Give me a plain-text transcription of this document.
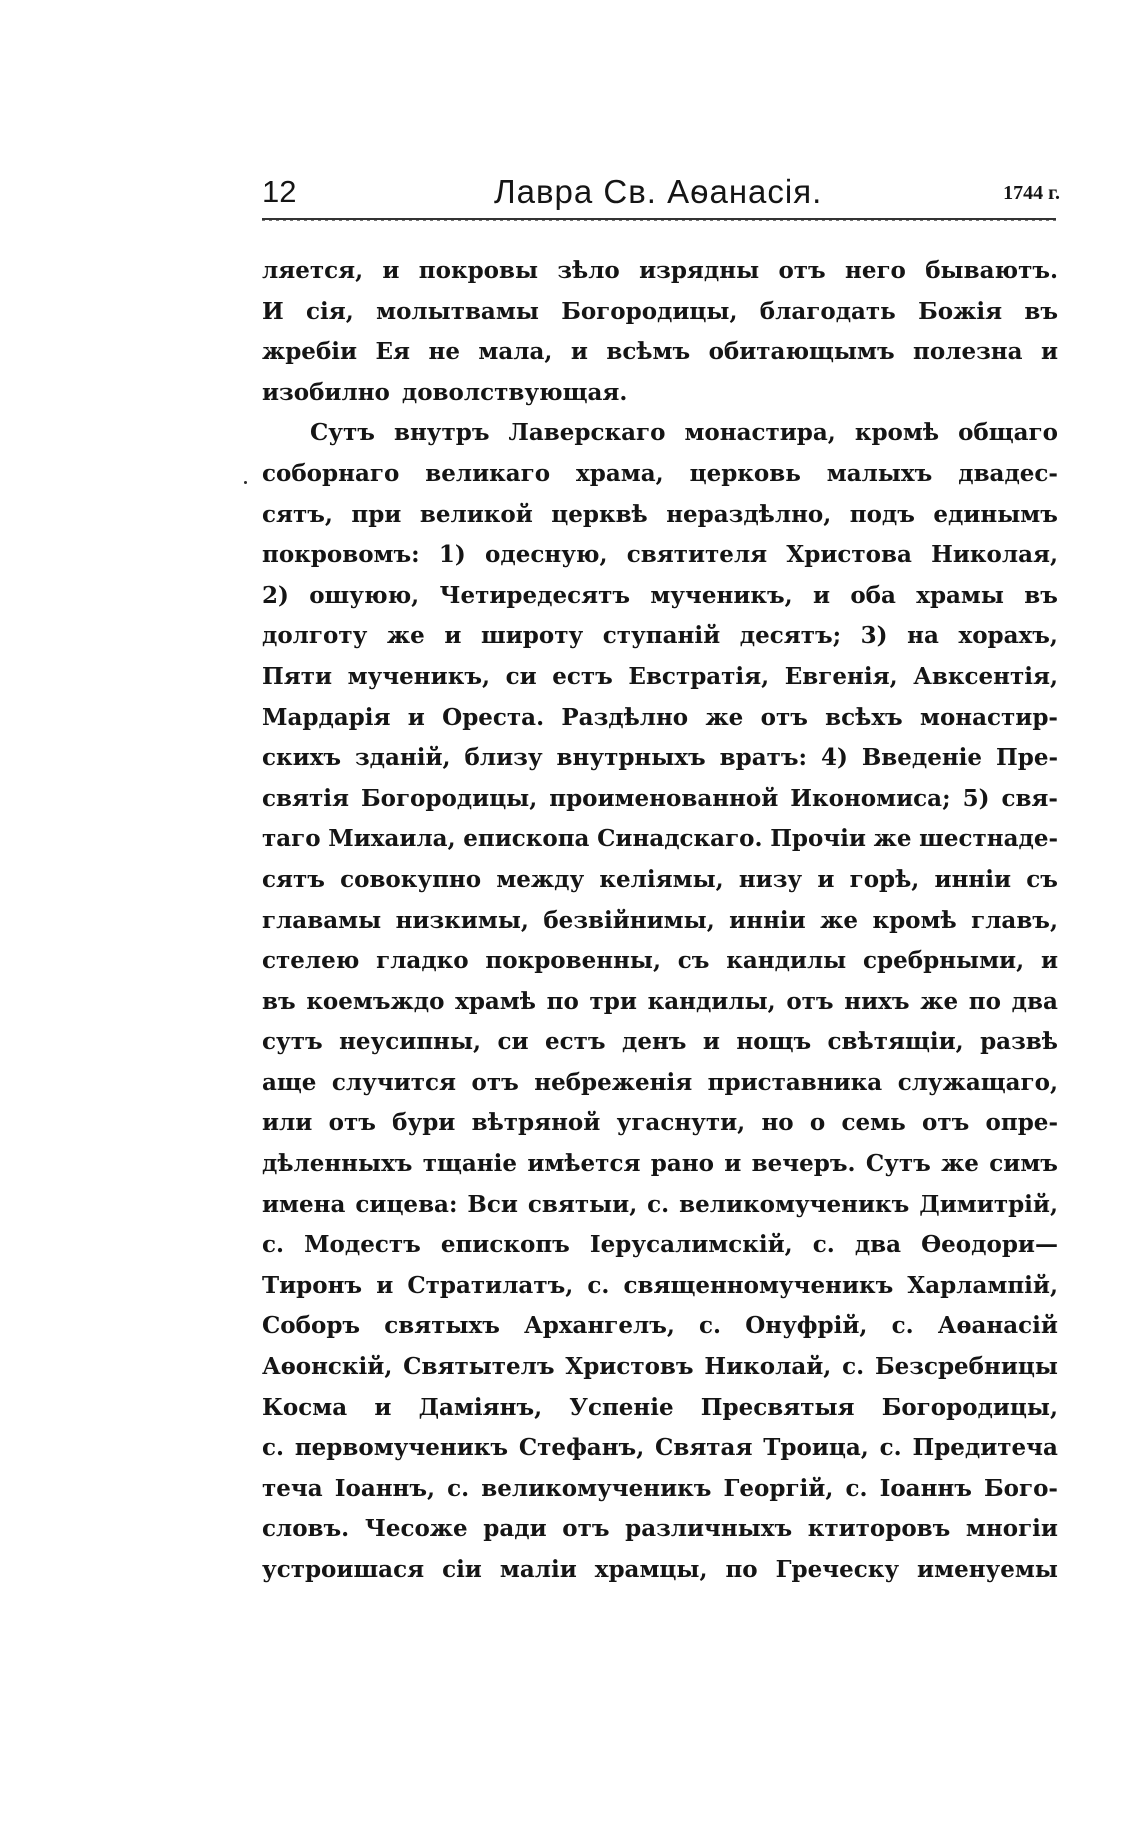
12	Лавра Св. Аѳанасія.	1744 г.
ляется, и покровы зѣло изрядны отъ него бываютъ.
И сія, молытвамы Богородицы, благодать Божія въ
жребіи Ея не мала, и всѣмъ обитающымъ полезна и
изобилно доволствующая.
Сутъ внутръ Лаверскаго монастира, кромѣ общаго
соборнаго великаго храма, церковь малыхъ двадес-
сятъ, при великой церквѣ нераздѣлно, подъ единымъ
покровомъ: 1) одесную, святителя Христова Николая,
2) ошуюю, Четиредесятъ мученикъ, и оба храмы въ
долготу же и широту ступаній десятъ; 3) на хорахъ,
Пяти мученикъ, си естъ Евстратія, Евгенія, Авксентія,
Мардарія и Ореста. Раздѣлно же отъ всѣхъ монастир-
скихъ зданій, близу внутрныхъ вратъ: 4) Введеніе Пре-
святія Богородицы, проименованной Икономиса; 5) свя-
таго Михаила, епископа Синадскаго. Прочіи же шестнаде-
сятъ совокупно между келіямы, низу и горѣ, инніи съ
главамы низкимы, безвійнимы, инніи же кромѣ главъ,
стелею гладко покровенны, съ кандилы сребрными, и
въ коемъждо храмѣ по три кандилы, отъ нихъ же по два
сутъ неусипны, си естъ денъ и нощъ свѣтящіи, развѣ
аще случится отъ небреженія приставника служащаго,
или отъ бури вѣтряной угаснути, но о семь отъ опре-
дѣленныхъ тщаніе имѣется рано и вечеръ. Сутъ же симъ
имена сицева: Вси святыи, с. великомученикъ Димитрій,
с. Модестъ епископъ Іерусалимскій, с. два Ѳеодори—
Тиронъ и Стратилатъ, с. священномученикъ Харлампій,
Соборъ святыхъ Архангелъ, с. Онуфрій, с. Аѳанасій
Аѳонскій, Святытелъ Христовъ Николай, с. Безсребницы
Косма и Даміянъ, Успеніе Пресвятыя Богородицы,
с. первомученикъ Стефанъ, Святая Троица, с. Предитеча
теча Іоаннъ, с. великомученикъ Георгій, с. Іоаннъ Бого-
словъ. Чесоже ради отъ различныхъ ктиторовъ многіи
устроишася сіи маліи храмцы, по Греческу именуемы
